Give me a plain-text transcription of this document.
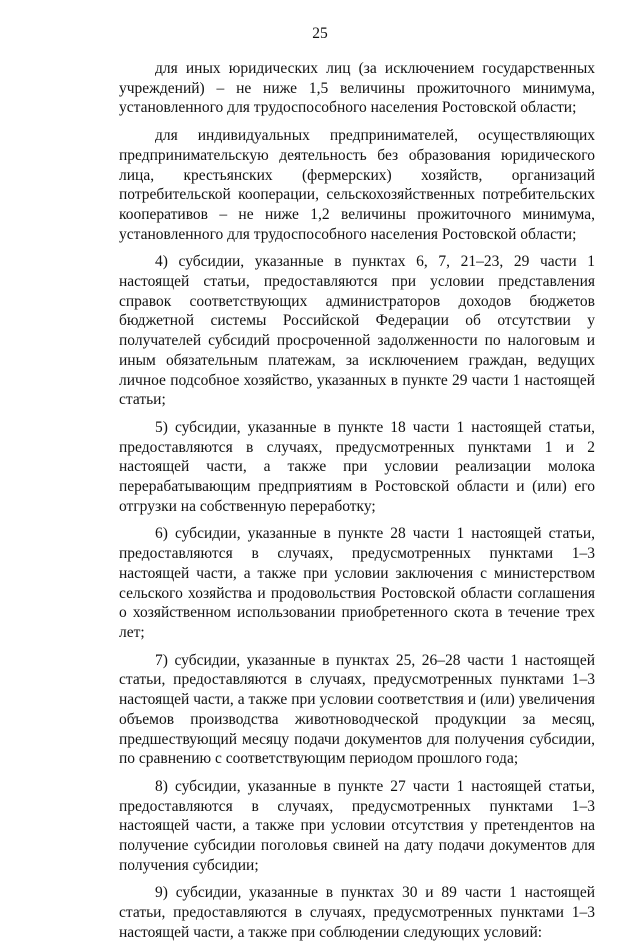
25

для иных юридических лиц (за исключением государственных учреждений) – не ниже 1,5 величины прожиточного минимума, установленного для трудоспособного населения Ростовской области;

для индивидуальных предпринимателей, осуществляющих предпринимательскую деятельность без образования юридического лица, крестьянских (фермерских) хозяйств, организаций потребительской кооперации, сельскохозяйственных потребительских кооперативов – не ниже 1,2 величины прожиточного минимума, установленного для трудоспособного населения Ростовской области;

4) субсидии, указанные в пунктах 6, 7, 21–23, 29 части 1 настоящей статьи, предоставляются при условии представления справок соответствующих администраторов доходов бюджетов бюджетной системы Российской Федерации об отсутствии у получателей субсидий просроченной задолженности по налоговым и иным обязательным платежам, за исключением граждан, ведущих личное подсобное хозяйство, указанных в пункте 29 части 1 настоящей статьи;

5) субсидии, указанные в пункте 18 части 1 настоящей статьи, предоставляются в случаях, предусмотренных пунктами 1 и 2 настоящей части, а также при условии реализации молока перерабатывающим предприятиям в Ростовской области и (или) его отгрузки на собственную переработку;

6) субсидии, указанные в пункте 28 части 1 настоящей статьи, предоставляются в случаях, предусмотренных пунктами 1–3 настоящей части, а также при условии заключения с министерством сельского хозяйства и продовольствия Ростовской области соглашения о хозяйственном использовании приобретенного скота в течение трех лет;

7) субсидии, указанные в пунктах 25, 26–28 части 1 настоящей статьи, предоставляются в случаях, предусмотренных пунктами 1–3 настоящей части, а также при условии соответствия и (или) увеличения объемов производства животноводческой продукции за месяц, предшествующий месяцу подачи документов для получения субсидии, по сравнению с соответствующим периодом прошлого года;

8) субсидии, указанные в пункте 27 части 1 настоящей статьи, предоставляются в случаях, предусмотренных пунктами 1–3 настоящей части, а также при условии отсутствия у претендентов на получение субсидии поголовья свиней на дату подачи документов для получения субсидии;

9) субсидии, указанные в пунктах 30 и 89 части 1 настоящей статьи, предоставляются в случаях, предусмотренных пунктами 1–3 настоящей части, а также при соблюдении следующих условий:
